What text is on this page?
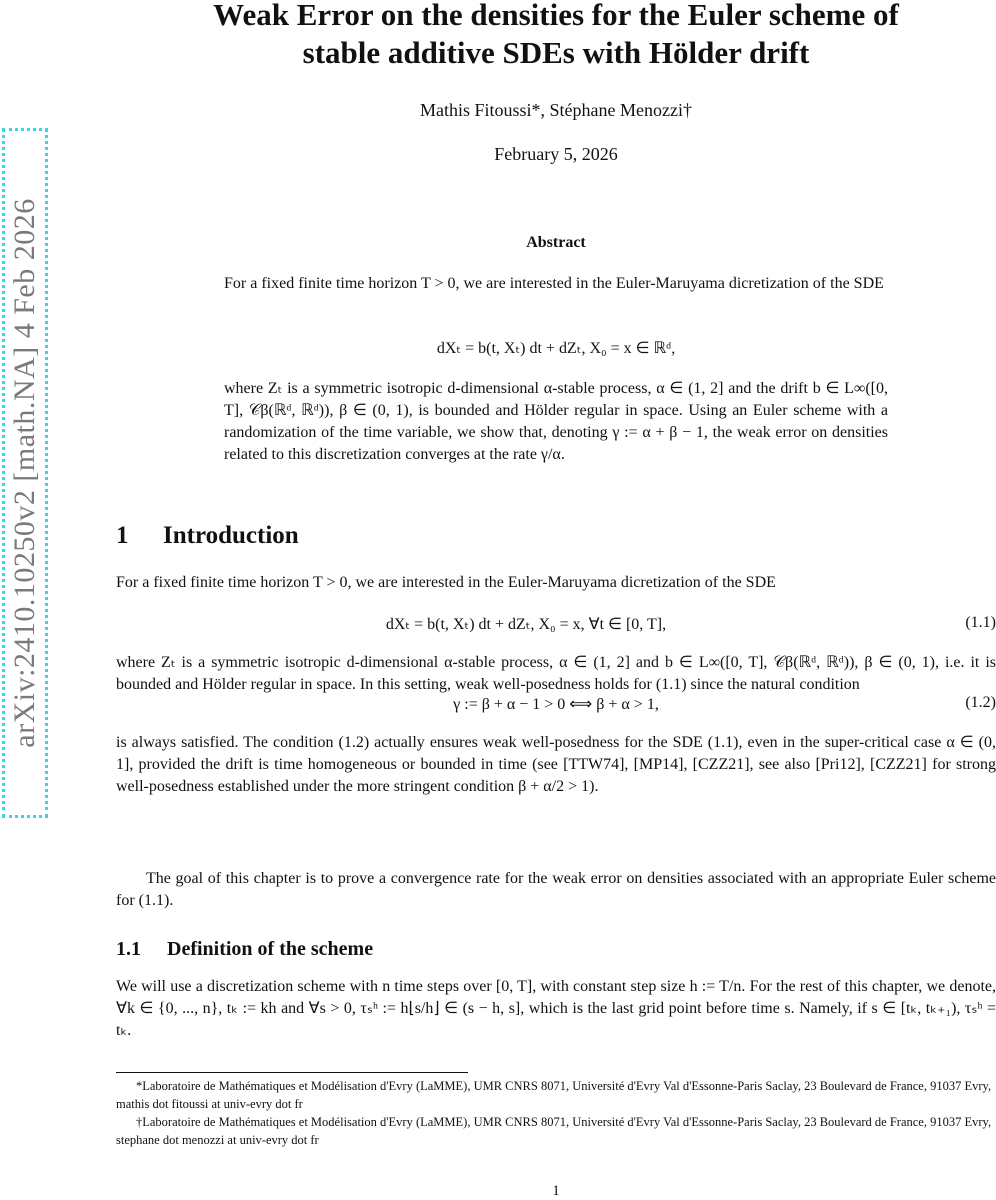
arXiv:2410.10250v2 [math.NA] 4 Feb 2026
Weak Error on the densities for the Euler scheme of
stable additive SDEs with Hölder drift
Mathis Fitoussi*, Stéphane Menozzi†
February 5, 2026
Abstract
For a fixed finite time horizon T > 0, we are interested in the Euler-Maruyama dicretization of the SDE
dXₜ = b(t, Xₜ) dt + dZₜ, X₀ = x ∈ ℝᵈ,
where Zₜ is a symmetric isotropic d-dimensional α-stable process, α ∈ (1, 2] and the drift b ∈ L∞([0, T], 𝒞β(ℝᵈ, ℝᵈ)), β ∈ (0, 1), is bounded and Hölder regular in space. Using an Euler scheme with a randomization of the time variable, we show that, denoting γ := α + β − 1, the weak error on densities related to this discretization converges at the rate γ/α.
1 Introduction
For a fixed finite time horizon T > 0, we are interested in the Euler-Maruyama dicretization of the SDE
dXₜ = b(t, Xₜ) dt + dZₜ, X₀ = x, ∀t ∈ [0, T],	(1.1)
where Zₜ is a symmetric isotropic d-dimensional α-stable process, α ∈ (1, 2] and b ∈ L∞([0, T], 𝒞β(ℝᵈ, ℝᵈ)), β ∈ (0, 1), i.e. it is bounded and Hölder regular in space. In this setting, weak well-posedness holds for (1.1) since the natural condition
γ := β + α − 1 > 0 ⟺ β + α > 1,	(1.2)
is always satisfied. The condition (1.2) actually ensures weak well-posedness for the SDE (1.1), even in the super-critical case α ∈ (0, 1], provided the drift is time homogeneous or bounded in time (see [TTW74], [MP14], [CZZ21], see also [Pri12], [CZZ21] for strong well-posedness established under the more stringent condition β + α/2 > 1).
The goal of this chapter is to prove a convergence rate for the weak error on densities associated with an appropriate Euler scheme for (1.1).
1.1 Definition of the scheme
We will use a discretization scheme with n time steps over [0, T], with constant step size h := T/n. For the rest of this chapter, we denote, ∀k ∈ {0, ..., n}, tₖ := kh and ∀s > 0, τₛʰ := h⌊s/h⌋ ∈ (s − h, s], which is the last grid point before time s. Namely, if s ∈ [tₖ, tₖ₊₁), τₛʰ = tₖ.
*Laboratoire de Mathématiques et Modélisation d'Evry (LaMME), UMR CNRS 8071, Université d'Evry Val d'Essonne-Paris Saclay, 23 Boulevard de France, 91037 Evry, mathis dot fitoussi at univ-evry dot fr
†Laboratoire de Mathématiques et Modélisation d'Evry (LaMME), UMR CNRS 8071, Université d'Evry Val d'Essonne-Paris Saclay, 23 Boulevard de France, 91037 Evry, stephane dot menozzi at univ-evry dot fr
1
